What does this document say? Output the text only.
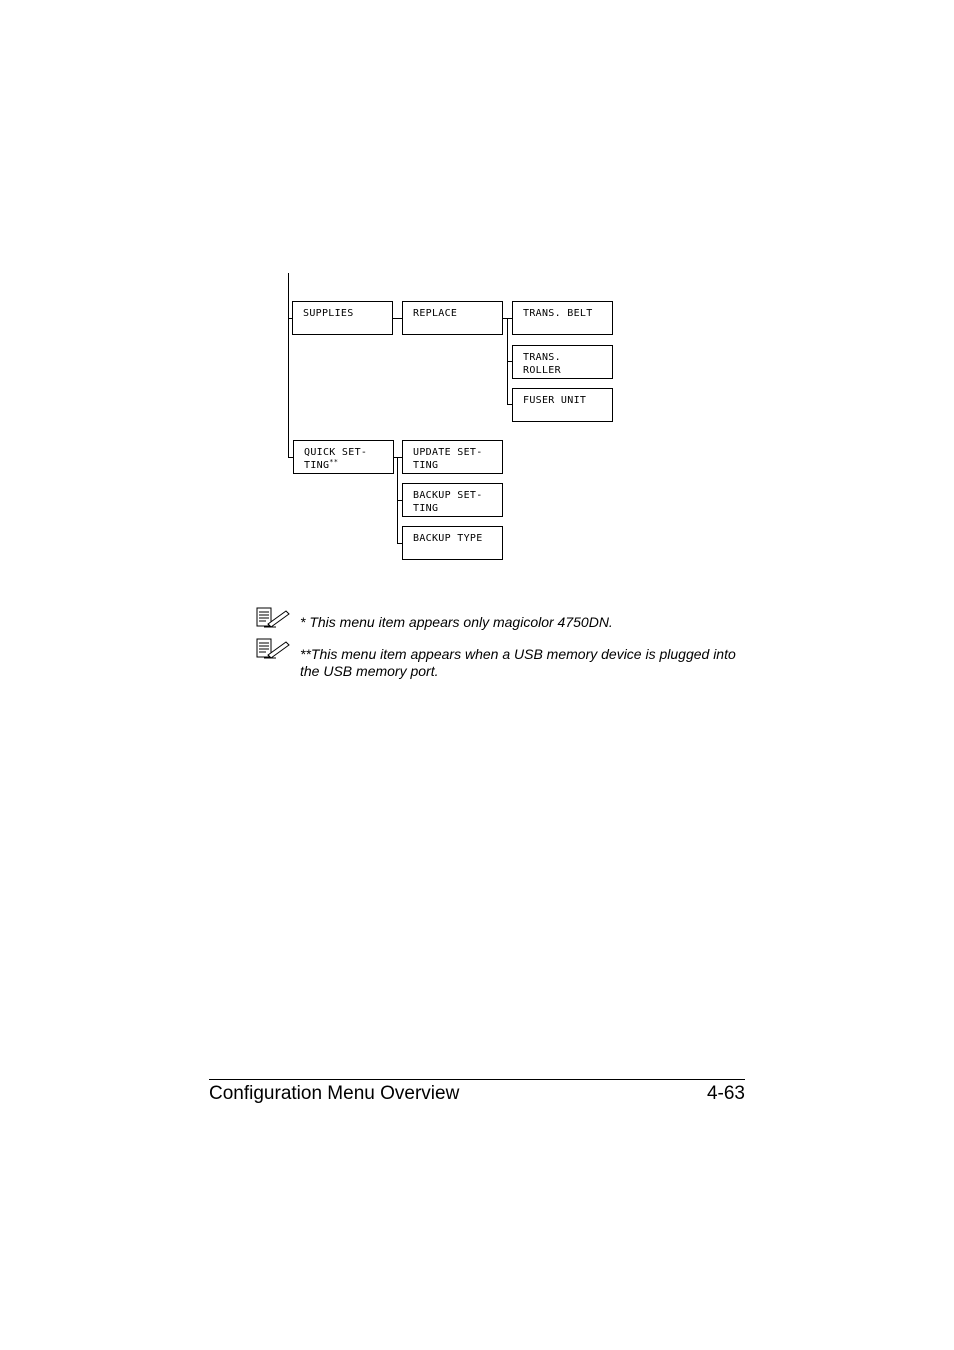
SUPPLIES	REPLACE	TRANS. BELT
TRANS.
ROLLER
FUSER UNIT
QUICK SET-
TING**
UPDATE SET-
TING
BACKUP SET-
TING
BACKUP TYPE
* This menu item appears only magicolor 4750DN.
**This menu item appears when a USB memory device is plugged into
the USB memory port.
Configuration Menu Overview	4-63
